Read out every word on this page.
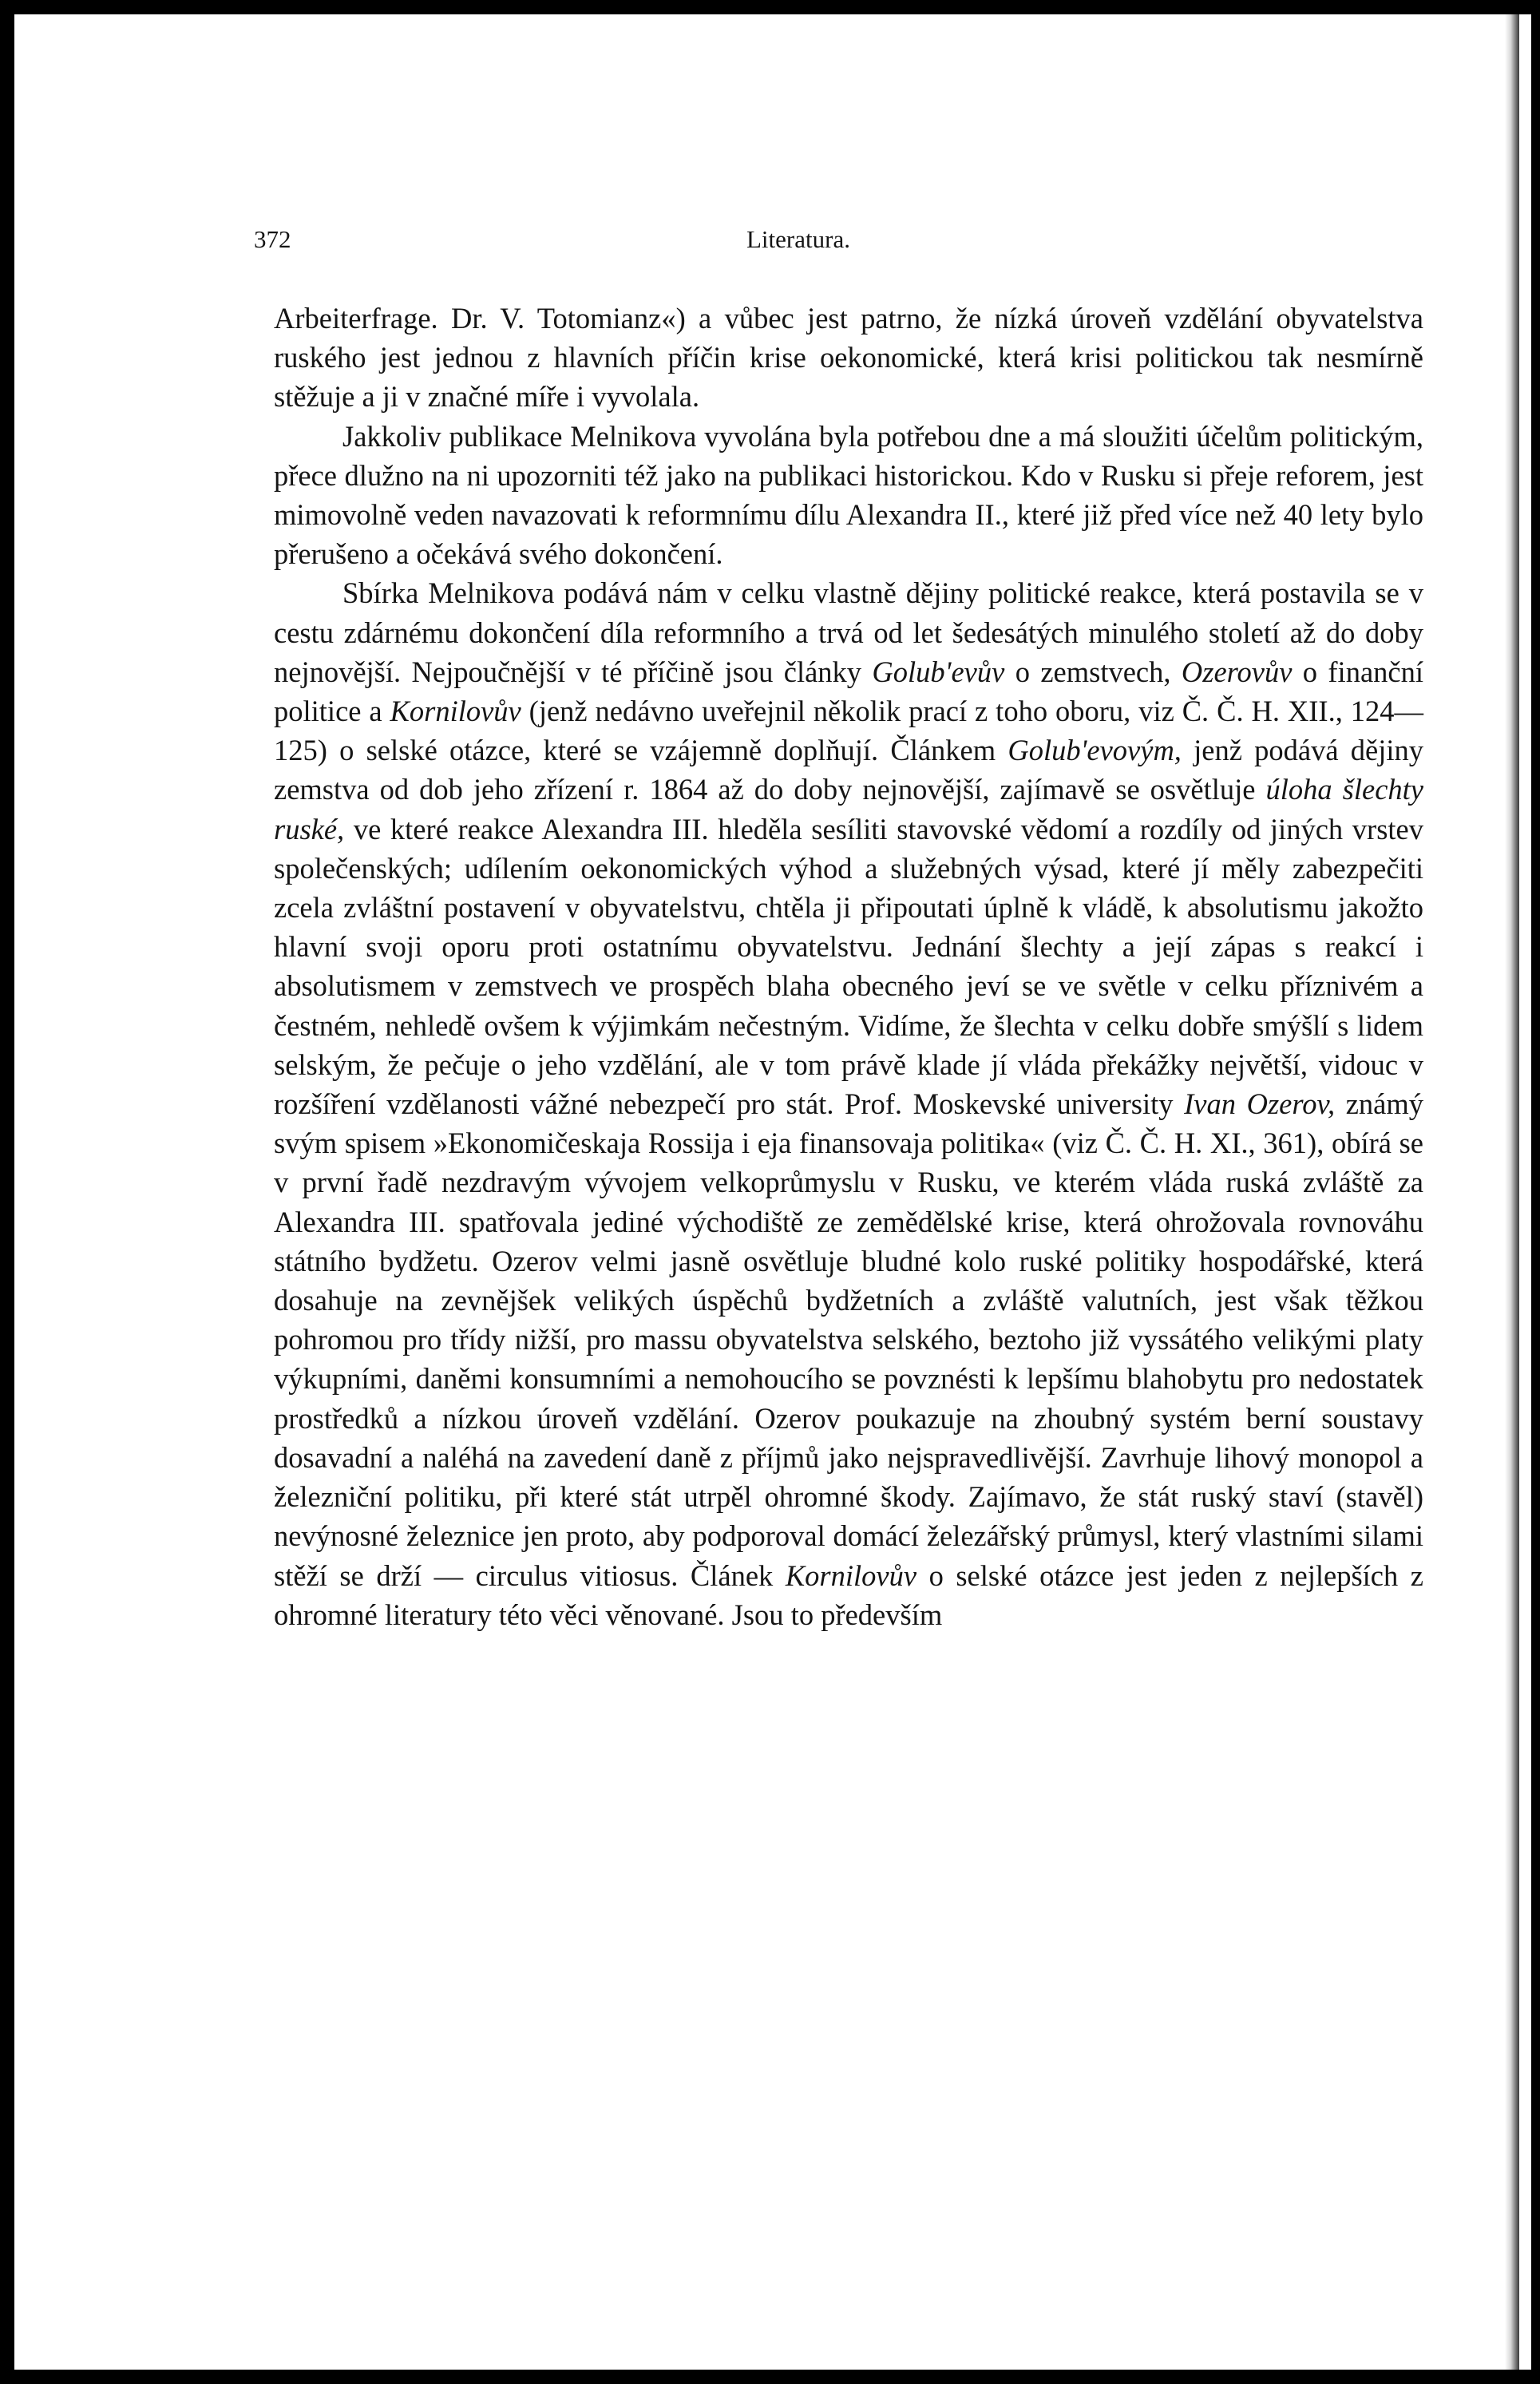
372	Literatura.

Arbeiterfrage. Dr. V. Totomianz«) a vůbec jest patrno, že nízká úroveň vzdělání obyvatelstva ruského jest jednou z hlavních příčin krise oekonomické, která krisi politickou tak nesmírně stěžuje a ji v značné míře i vyvolala.

Jakkoliv publikace Melnikova vyvolána byla potřebou dne a má sloužiti účelům politickým, přece dlužno na ni upozorniti též jako na publikaci historickou. Kdo v Rusku si přeje reforem, jest mimovolně veden navazovati k reformnímu dílu Alexandra II., které již před více než 40 lety bylo přerušeno a očekává svého dokončení.

Sbírka Melnikova podává nám v celku vlastně dějiny politické reakce, která postavila se v cestu zdárnému dokončení díla reformního a trvá od let šedesátých minulého století až do doby nejnovější. Nejpoučnější v té příčině jsou články Golub'evův o zemstvech, Ozerovův o finanční politice a Kornilovův (jenž nedávno uveřejnil několik prací z toho oboru, viz Č. Č. H. XII., 124—125) o selské otázce, které se vzájemně doplňují. Článkem Golub'evovým, jenž podává dějiny zemstva od dob jeho zřízení r. 1864 až do doby nejnovější, zajímavě se osvětluje úloha šlechty ruské, ve které reakce Alexandra III. hleděla sesíliti stavovské vědomí a rozdíly od jiných vrstev společenských; udílením oekonomických výhod a služebných výsad, které jí měly zabezpečiti zcela zvláštní postavení v obyvatelstvu, chtěla ji připoutati úplně k vládě, k absolutismu jakožto hlavní svoji oporu proti ostatnímu obyvatelstvu. Jednání šlechty a její zápas s reakcí i absolutismem v zemstvech ve prospěch blaha obecného jeví se ve světle v celku příznivém a čestném, nehledě ovšem k výjimkám nečestným. Vidíme, že šlechta v celku dobře smýšlí s lidem selským, že pečuje o jeho vzdělání, ale v tom právě klade jí vláda překážky největší, vidouc v rozšíření vzdělanosti vážné nebezpečí pro stát. Prof. Moskevské university Ivan Ozerov, známý svým spisem »Ekonomičeskaja Rossija i eja finansovaja politika« (viz Č. Č. H. XI., 361), obírá se v první řadě nezdravým vývojem velkoprůmyslu v Rusku, ve kterém vláda ruská zvláště za Alexandra III. spatřovala jediné východiště ze zemědělské krise, která ohrožovala rovnováhu státního bydžetu. Ozerov velmi jasně osvětluje bludné kolo ruské politiky hospodářské, která dosahuje na zevnějšek velikých úspěchů bydžetních a zvláště valutních, jest však těžkou pohromou pro třídy nižší, pro massu obyvatelstva selského, beztoho již vyssátého velikými platy výkupními, daněmi konsumními a nemohoucího se povznésti k lepšímu blahobytu pro nedostatek prostředků a nízkou úroveň vzdělání. Ozerov poukazuje na zhoubný systém berní soustavy dosavadní a naléhá na zavedení daně z příjmů jako nejspravedlivější. Zavrhuje lihový monopol a železniční politiku, při které stát utrpěl ohromné škody. Zajímavo, že stát ruský staví (stavěl) nevýnosné železnice jen proto, aby podporoval domácí železářský průmysl, který vlastními silami stěží se drží — circulus vitiosus. Článek Kornilovův o selské otázce jest jeden z nejlepších z ohromné literatury této věci věnované. Jsou to především
